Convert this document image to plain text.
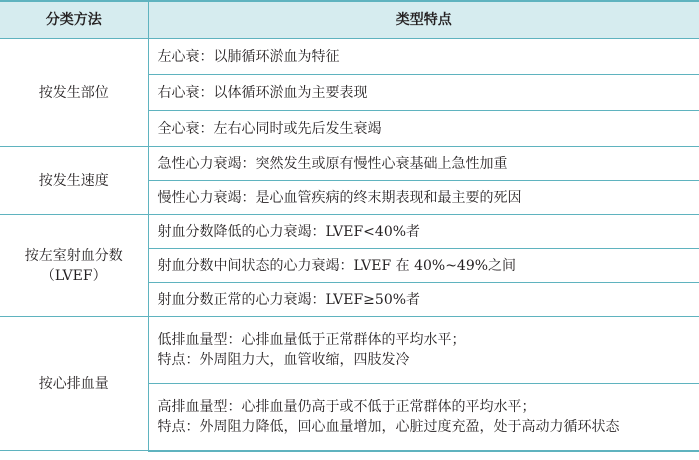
分类方法	类型特点
按发生部位	左心衰：以肺循环淤血为特征
	右心衰：以体循环淤血为主要表现
	全心衰：左右心同时或先后发生衰竭
按发生速度	急性心力衰竭：突然发生或原有慢性心衰基础上急性加重
	慢性心力衰竭：是心血管疾病的终末期表现和最主要的死因

按左室射血分数
（LVEF）	射血分数降低的心力衰竭：LVEF<40%者
	射血分数中间状态的心力衰竭：LVEF 在 40%~49%之间
	射血分数正常的心力衰竭：LVEF≥50%者
按心排血量	低排血量型：心排血量低于正常群体的平均水平；
特点：外周阻力大，血管收缩，四肢发冷

	高排血量型：心排血量仍高于或不低于正常群体的平均水平；
特点：外周阻力降低，回心血量增加，心脏过度充盈，处于高动力循环状态
